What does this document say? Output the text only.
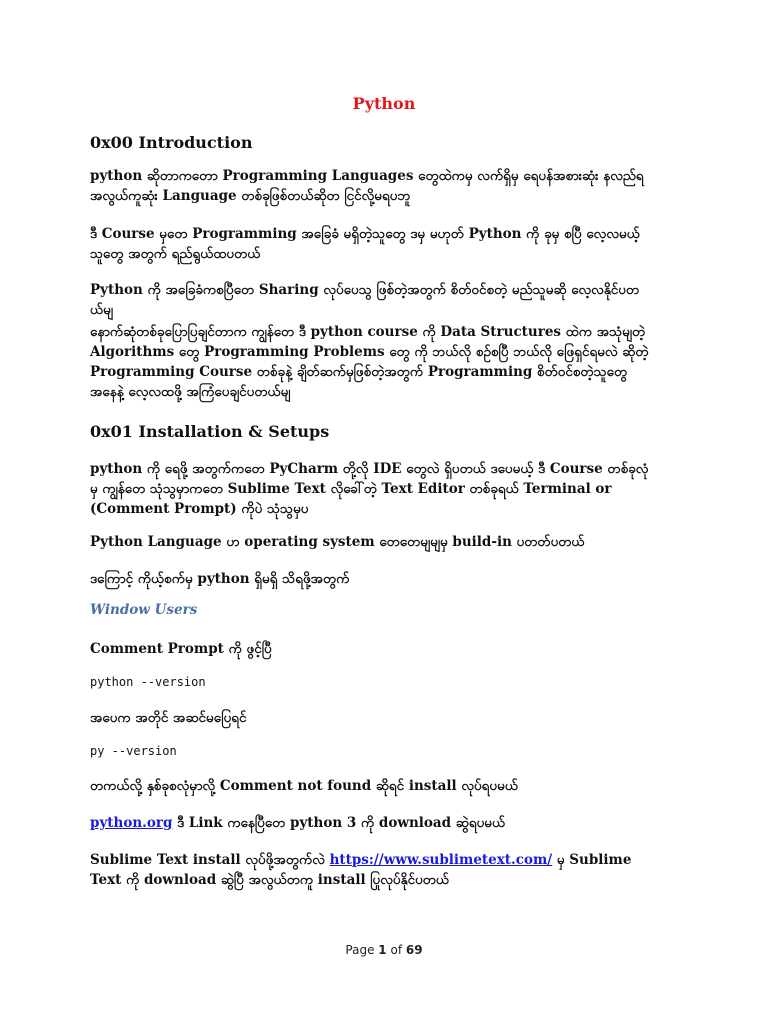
Python
0x00 Introduction

python ဆိုတာကတော Programming Languages တွေထဲကမှ လက်ရှိမှ ရေပန်အစားဆုံး နလည်ရ အလွယ်ကူဆုံး Language တစ်ခုဖြစ်တယ်ဆိုတ ငြင်လို့မရပဘူ

ဒီ Course မှတေ Programming အခြေခံ မရှိတဲ့သူတွေ ဒမှ မဟုတ် Python ကို ခုမှ စပြီ လေ့လမယ့်သူတွေ အတွက် ရည်ရွယ်ထပတယ်

Python ကို အခြေခံကစပြီတေ Sharing လုပ်ပေသွ ဖြစ်တဲ့အတွက် စိတ်ဝင်စတဲ့ မည်သူမဆို လေ့လနိုင်ပတယ်မျ

နောက်ဆုံတစ်ခုပြောပြချင်တာက ကျွန်တေ ဒီ python course ကို Data Structures ထဲက အသုံမျတဲ့ Algorithms တွေ Programming Problems တွေ ကို ဘယ်လို စဉ်စပြီ ဘယ်လို ဖြေရှင်ရမလဲ ဆိုတဲ့ Programming Course တစ်ခုနဲ့ ချိတ်ဆက်မှဖြစ်တဲ့အတွက် Programming စိတ်ဝင်စတဲ့သူတွေအနေနဲ့ လေ့လထဖို့ အကြံပေချင်ပတယ်မျ

0x01 Installation & Setups

python ကို ရေဖို့ အတွက်ကတေ PyCharm တို့လို IDE တွေလဲ ရှိပတယ် ဒပေမယ့် ဒီ Course တစ်ခုလုံမှ ကျွန်တေ သုံသွမှာကတေ Sublime Text လိုခေါ်တဲ့ Text Editor တစ်ခုရယ် Terminal or (Comment Prompt) ကိုပဲ သုံသွမှပ

Python Language ဟ operating system တေတေမျမျမှ build-in ပတတ်ပတယ်

ဒကြောင့် ကိုယ့်စက်မှ python ရှိမရှိ သိရဖို့အတွက်

Window Users

Comment Prompt ကို ဖွင့်ပြီ

python --version

အပေက အတိုင် အဆင်မပြေရင်

py --version

တကယ်လို့ နှစ်ခုစလုံမှာလို့ Comment not found ဆိုရင် install လုပ်ရပမယ်

python.org ဒီ Link ကနေပြီတေ python 3 ကို download ဆွဲရပမယ်

Sublime Text install လုပ်ဖို့အတွက်လဲ https://www.sublimetext.com/ မှ Sublime Text ကို download ဆွဲပြီ အလွယ်တကူ install ပြုလုပ်နိုင်ပတယ်

Page 1 of 69
